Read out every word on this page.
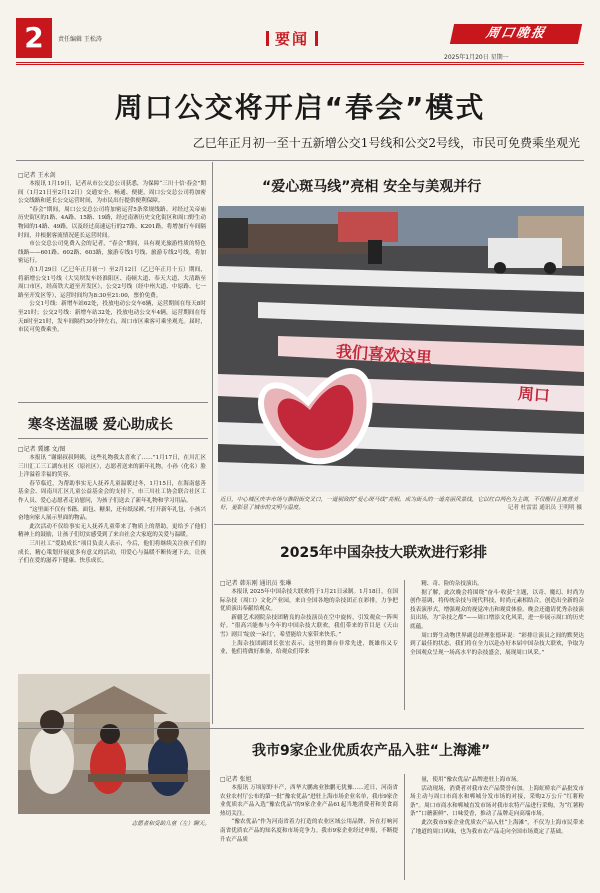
2	责任编辑 王松涛	要闻	周口晚报
2025年1月20日 星期一
周口公交将开启“春会”模式
乙巳年正月初一至十五新增公交1号线和公交2号线，市民可免费乘坐观光
□记者 王永剑

本报讯 1月19日，记者从市公交总公司获悉，为保障“三川十信·春会”期间（1月21日至2月12日）交通安全、畅通、便捷，周口公交总公司将加密公交线路和延长公交运营时间，为市民出行提供便利保障。

“春会”期间，周口公交总公司将加密运营5条常规线路。对经过关帝庙历史街区的1路、4A路、15路、19路，经过南寨历史文化街区和周口野生动物园的14路、49路，以及经过高速运行的27路、K201路，将增加行车间隔时间，并根据客流情况延长运营时间。

市公交总公司免费入会的记者，“春会”期间，具有观光旅游性质的特色线路——601路、602路、603路，旅游专线1号线、旅游专线2号线，将加密运行。

在1月29日（乙巳年正月初一）至2月12日（乙巳年正月十五）期间，将新增公交1号线（大吴坝发车经淮阳区、南顿大道、奉天大道、大清路至周口市区，经高铁大道至开发区），公交2号线（经中州大道、中原路、七一路至开发区等），运营时间均为8:30至21:00，票价免费。

公交1号线：新增车站62处，投放电动公交车6辆，运营期间在每天8时至21时；公交2号线：新增车站32处，投放电动公交车4辆，运营期间在每天8时至21时，发车间隔约30分钟左右，周口市区乘客可乘坐观光。届时，市民可免费乘坐。

寒冬送温暖 爱心助成长
□记者 冀娜 文/图

本报讯 “谢谢叔叔阿姨，这些礼物我太喜欢了……”1月17日，在川汇区三川汇工三工湖东社区（原社区），志愿者送来的新年礼物，小孙（化名）脸上洋溢着幸福的笑容。

春节临近，为帮助事实无人抚养儿童温暖过冬，1月15日，在海南慈善基金会、周南川汇区儿童公益基金会的支持下，市三川社工协会联合社区工作人员、爱心志愿者走访慰问，为孩子们送去了新年礼物和学习用品。

“这里面不仅有书籍、面包、糖果，还有纸尿裤。”打开新年礼包，小孩兴奋地向家人展示里面的物品。

此次活动不仅给事实无人抚养儿童带来了物质上的帮助，更给予了他们精神上的鼓励，让孩子们切实感受到了来自社会大家庭的关爱与温暖。

三川社工“爱助成长”项目负责人表示，今后，他们将继续关注孩子们的成长，精心策划开展更多有意义的活动，用爱心与温暖不断传递下去，让孩子们在爱的滋养下健康、快乐成长。

志愿者和受助儿童（左）聊天。
“爱心斑马线”亮相 安全与美观并行
我们喜欢这里
周口
近日，中心城区庆丰市场与淮阳街交叉口，一道别致的“爱心斑马线”亮相。成为街头的一道亮丽风景线，它以红白两色为主调，不仅醒目且寓意美好，更彰显了城市的文明与温度。	记者 杜雷雷 通讯员 王明明 摄
2025年中国杂技大联欢进行彩排
□记者 韩东刚 通讯员 张琳

本报讯 2025年中国杂技大联欢将于1月21日录制。1月18日，在国际杂技（周口）文化产业园，来自全国各地的杂技团正在彩排，力争把优质演出奉献给观众。

新疆艺术剧院杂技团精良的杂技演员在空中旋转，引发观众一阵叫好。“很高兴能参与今年的中国杂技大联欢，我们带来的节目是《天山雪》剧目‘绽放一朵红’，希望能给大家带来快乐。”

上海杂技团副团长张宏表示，这里的舞台非常先进，既雄伟又专业，他们将做好准备，给观众们带来

精、奇、险的杂技演出。

据了解，此次晚会将围绕“奋斗·收获”主题，以奇、魔幻、时尚为创作基调，将传统杂技与现代科技，时尚元素相结合，创造出全新的杂技表演形式，增强观众的视觉冲击和观赏体验。晚会还邀请优秀杂技演员出场，为“杂技之都”——周口增添文化风采，进一步展示周口的历史底蕴。

周口野生动物世界副总经理张德环说：“彩排让演员之间的默契达到了最佳的状态，我们将在全力以赴办好本届中国杂技大联欢，争取为全国观众呈现一场高水平的杂技盛会，展现周口风采。”

我市9家企业优质农产品入驻“上海滩”
□记者 张旭

本报讯 万顷原野丰产，西华大鹏禽业独鹏无犹豫……近日，河南省农业农村厅公布的第一批“豫农优品”进驻上海市场企业名单，我市9家企业优质农产品入选“豫农优品”的9家企业产品61起当地消费者和美食商热切关注。

“豫农优品”作为河南省着力打造的农业区域公用品牌，旨在打响河南省优质农产品的知名度和市场竞争力。我市9家企业经过申报，不断提升农产品质

量，使用“豫农优品”品牌进驻上海市场。

活动现场，消费者对我市农产品赞誉有加。上海虹桥农产品批发市场主动与周口市商水和郸城分发市场的对接，采购2万公斤“红薯粉条”。周口市商水和郸城直发市场对我市农特产品进行采购，为“红薯粉条”“口蘑新鲜”、口味爱香，推动了品牌走向高端市场。

此次我市9家企业优质农产品入驻“上海滩”，不仅为上海市民带来了地道的周口风味，也为我市农产品走向全国市场奠定了基础。
